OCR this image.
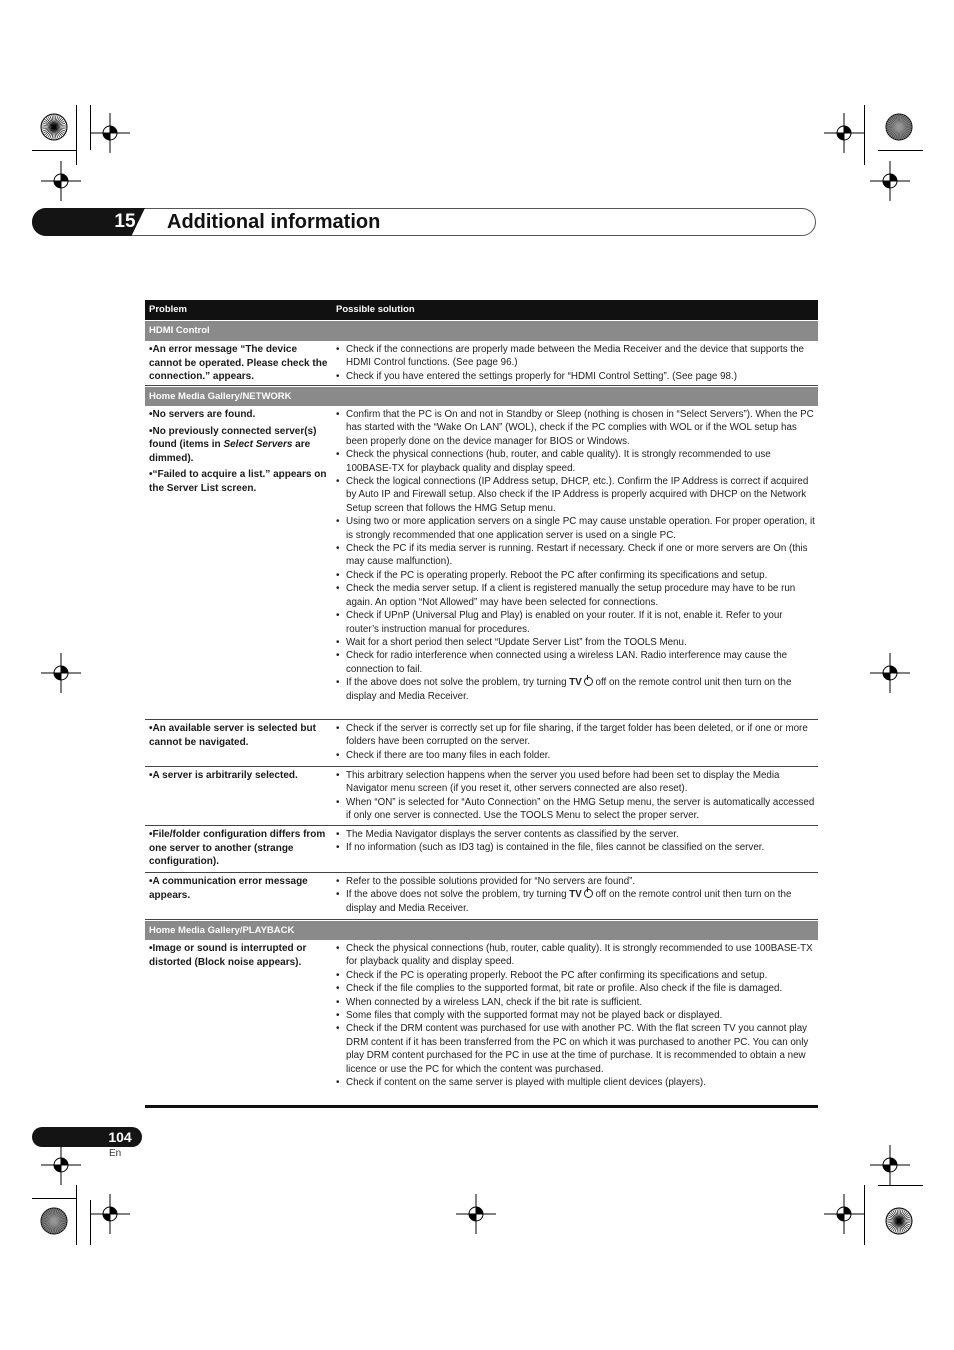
15 Additional information
Problem	Possible solution
HDMI Control
•An error message “The device cannot be operated. Please check the connection.” appears.
• Check if the connections are properly made between the Media Receiver and the device that supports the HDMI Control functions. (See page 96.)
• Check if you have entered the settings properly for “HDMI Control Setting”. (See page 98.)
Home Media Gallery/NETWORK
•No servers are found.
•No previously connected server(s) found (items in Select Servers are dimmed).
•“Failed to acquire a list.” appears on the Server List screen.
• Confirm that the PC is On and not in Standby or Sleep (nothing is chosen in “Select Servers”). When the PC has started with the “Wake On LAN” (WOL), check if the PC complies with WOL or if the WOL setup has been properly done on the device manager for BIOS or Windows.
• Check the physical connections (hub, router, and cable quality). It is strongly recommended to use 100BASE-TX for playback quality and display speed.
• Check the logical connections (IP Address setup, DHCP, etc.). Confirm the IP Address is correct if acquired by Auto IP and Firewall setup. Also check if the IP Address is properly acquired with DHCP on the Network Setup screen that follows the HMG Setup menu.
• Using two or more application servers on a single PC may cause unstable operation. For proper operation, it is strongly recommended that one application server is used on a single PC.
• Check the PC if its media server is running. Restart if necessary. Check if one or more servers are On (this may cause malfunction).
• Check if the PC is operating properly. Reboot the PC after confirming its specifications and setup.
• Check the media server setup. If a client is registered manually the setup procedure may have to be run again. An option “Not Allowed” may have been selected for connections.
• Check if UPnP (Universal Plug and Play) is enabled on your router. If it is not, enable it. Refer to your router’s instruction manual for procedures.
• Wait for a short period then select “Update Server List” from the TOOLS Menu.
• Check for radio interference when connected using a wireless LAN. Radio interference may cause the connection to fail.
• If the above does not solve the problem, try turning TV off on the remote control unit then turn on the display and Media Receiver.
•An available server is selected but cannot be navigated.
• Check if the server is correctly set up for file sharing, if the target folder has been deleted, or if one or more folders have been corrupted on the server.
• Check if there are too many files in each folder.
•A server is arbitrarily selected.
•	This arbitrary selection happens when the server you used before had been set to display the Media Navigator menu screen (if you reset it, other servers connected are also reset).
• When “ON” is selected for “Auto Connection” on the HMG Setup menu, the server is automatically accessed if only one server is connected. Use the TOOLS Menu to select the proper server.
•File/folder configuration differs from one server to another (strange configuration).
• The Media Navigator displays the server contents as classified by the server.
• If no information (such as ID3 tag) is contained in the file, files cannot be classified on the server.
•A communication error message appears.
• Refer to the possible solutions provided for “No servers are found”.
• If the above does not solve the problem, try turning TV off on the remote control unit then turn on the display and Media Receiver.
Home Media Gallery/PLAYBACK
•Image or sound is interrupted or distorted (Block noise appears).
• Check the physical connections (hub, router, cable quality). It is strongly recommended to use 100BASE-TX for playback quality and display speed.
• Check if the PC is operating properly. Reboot the PC after confirming its specifications and setup.
• Check if the file complies to the supported format, bit rate or profile. Also check if the file is damaged.
• When connected by a wireless LAN, check if the bit rate is sufficient.
• Some files that comply with the supported format may not be played back or displayed.
• Check if the DRM content was purchased for use with another PC. With the flat screen TV you cannot play DRM content if it has been transferred from the PC on which it was purchased to another PC. You can only play DRM content purchased for the PC in use at the time of purchase. It is recommended to obtain a new licence or use the PC for which the content was purchased.
• Check if content on the same server is played with multiple client devices (players).
104
En
